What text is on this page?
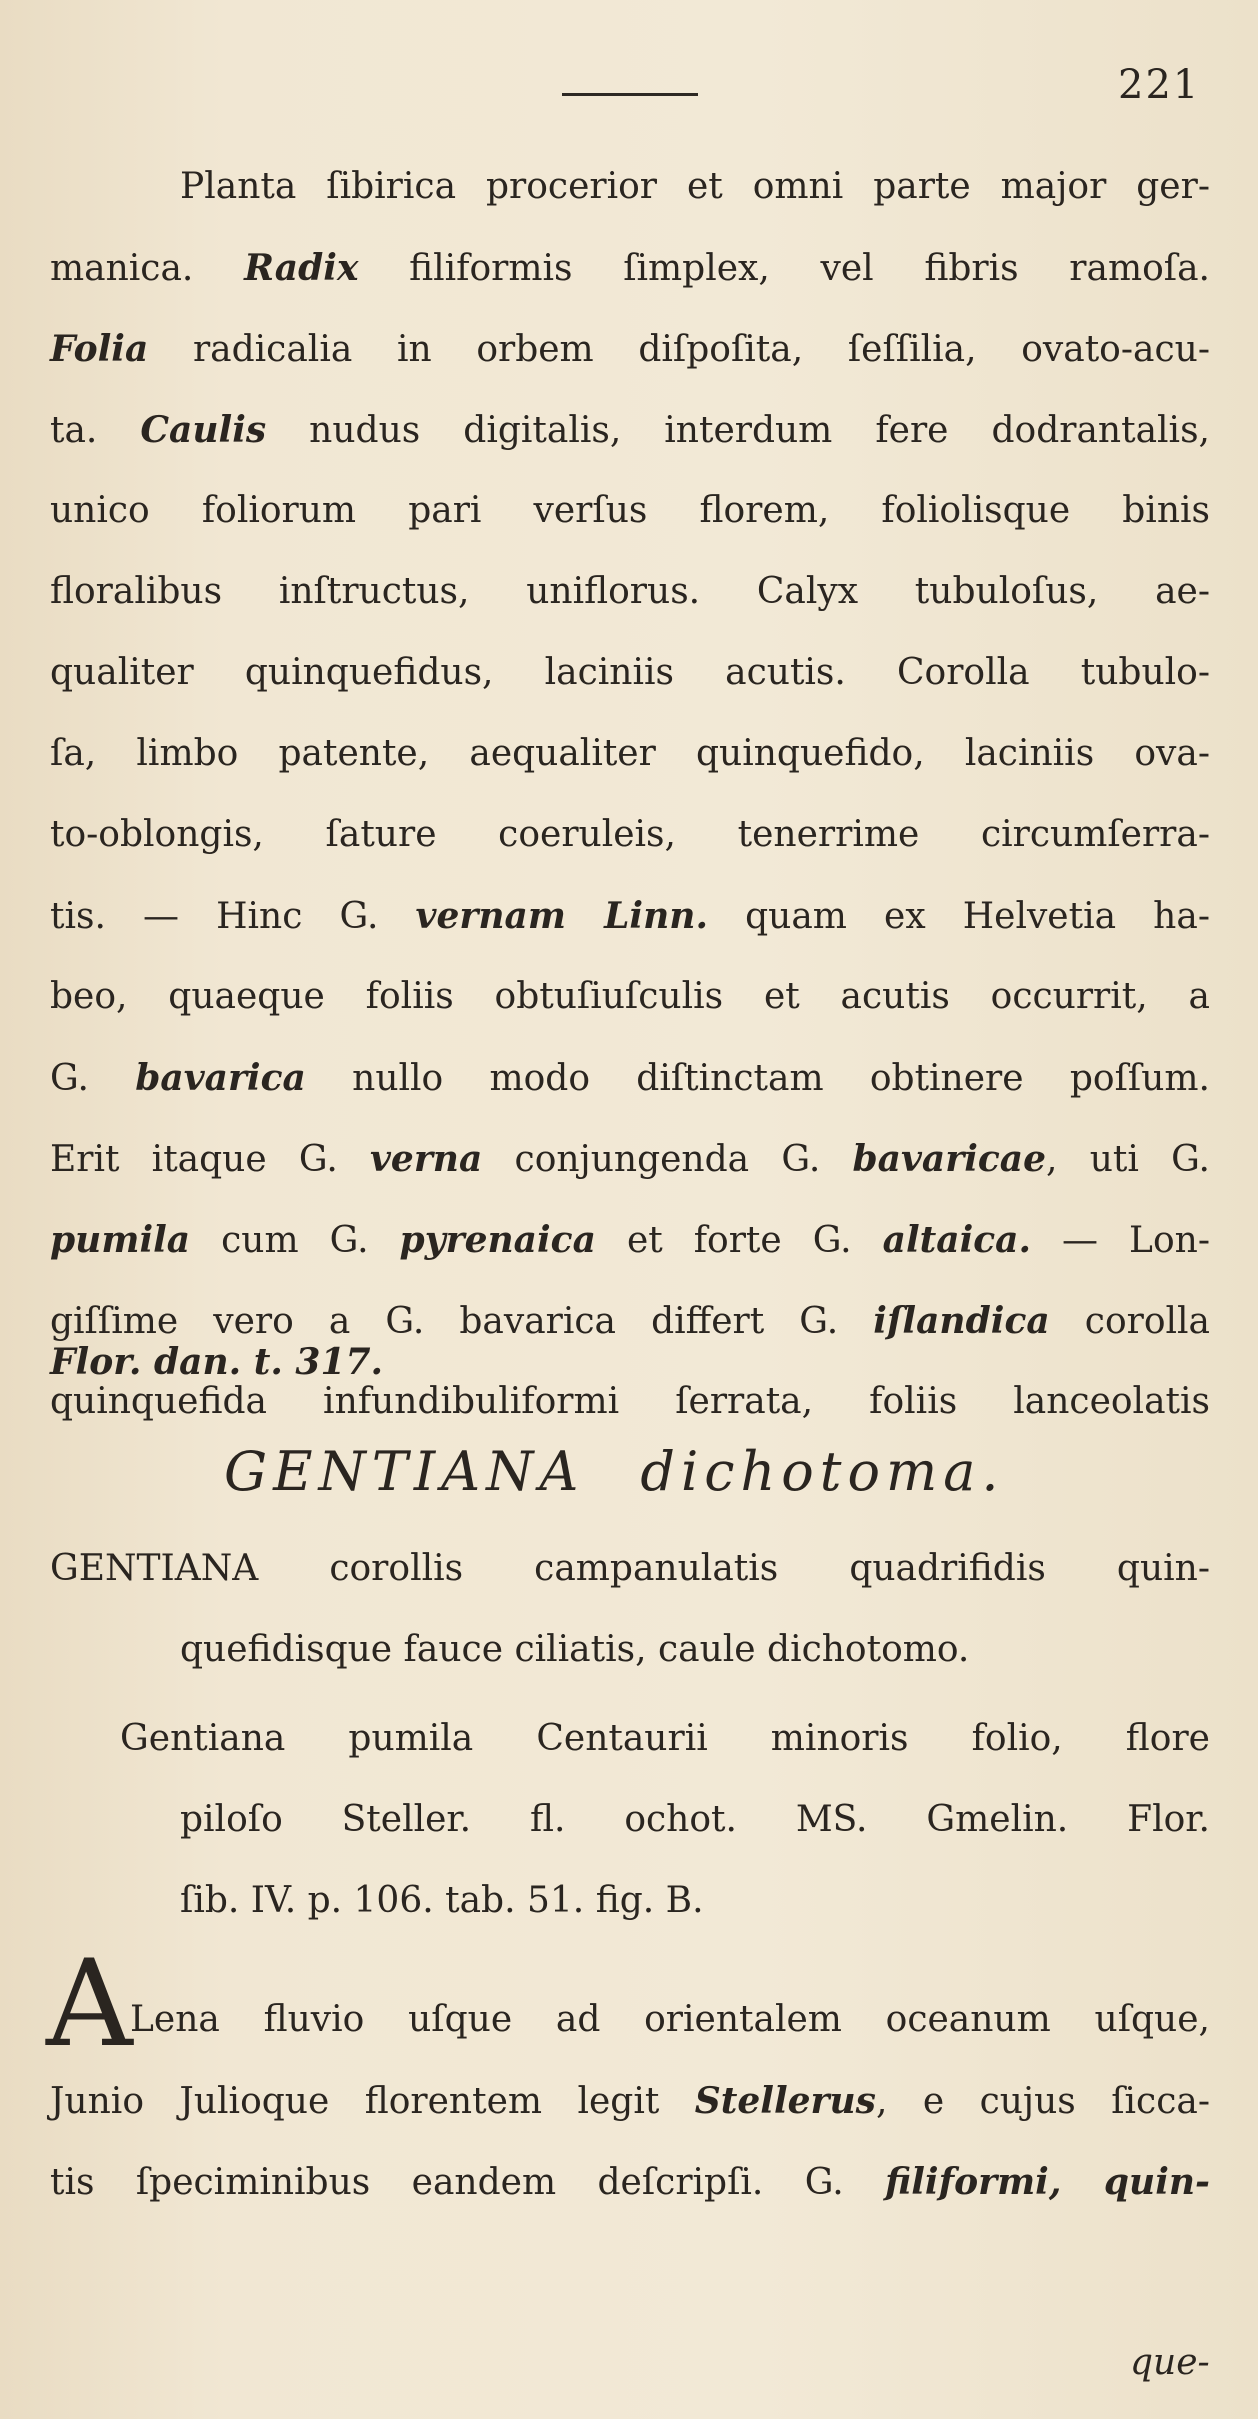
221
Planta ſibirica procerior et omni parte major ger-
manica. Radix filiformis ſimplex, vel fibris ramoſa.
Folia radicalia in orbem diſpoſita, ſeſſilia, ovato-acu-
ta. Caulis nudus digitalis, interdum fere dodrantalis,
unico foliorum pari verſus florem, foliolisque binis
floralibus inſtructus, uniflorus. Calyx tubuloſus, ae-
qualiter quinquefidus, laciniis acutis. Corolla tubulo-
ſa, limbo patente, aequaliter quinquefido, laciniis ova-
to-oblongis, ſature coeruleis, tenerrime circumſerra-
tis. — Hinc G. vernam Linn. quam ex Helvetia ha-
beo, quaeque foliis obtuſiuſculis et acutis occurrit, a
G. bavarica nullo modo diſtinctam obtinere poſſum.
Erit itaque G. verna conjungenda G. bavaricae, uti G.
pumila cum G. pyrenaica et forte G. altaica. — Lon-
giſſime vero a G. bavarica differt G. iſlandica corolla
quinquefida infundibuliformi ſerrata, foliis lanceolatis
Flor. dan. t. 317.
GENTIANA dichotoma.
GENTIANA corollis campanulatis quadrifidis quin-
quefidisque fauce ciliatis, caule dichotomo.
Gentiana pumila Centaurii minoris folio, flore
piloſo Steller. fl. ochot. MS. Gmelin. Flor.
ſib. IV. p. 106. tab. 51. fig. B.
A
Lena fluvio uſque ad orientalem oceanum uſque,
Junio Julioque florentem legit Stellerus, e cujus ſicca-
tis ſpeciminibus eandem deſcripſi. G. filiformi, quin-
que-
